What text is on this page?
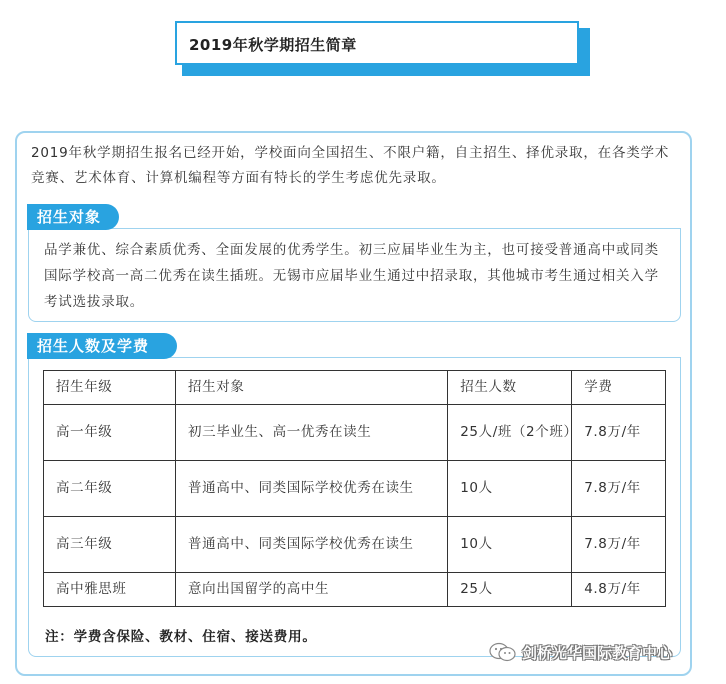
2019年秋学期招生简章
2019年秋学期招生报名已经开始，学校面向全国招生、不限户籍，自主招生、择优录取，在各类学术竞赛、艺术体育、计算机编程等方面有特长的学生考虑优先录取。
招生对象
品学兼优、综合素质优秀、全面发展的优秀学生。初三应届毕业生为主，也可接受普通高中或同类国际学校高一高二优秀在读生插班。无锡市应届毕业生通过中招录取，其他城市考生通过相关入学考试选拔录取。
招生人数及学费
招生年级	招生对象	招生人数	学费
高一年级	初三毕业生、高一优秀在读生	25人/班（2个班）	7.8万/年
高二年级	普通高中、同类国际学校优秀在读生	10人	7.8万/年
高三年级	普通高中、同类国际学校优秀在读生	10人	7.8万/年
高中雅思班	意向出国留学的高中生	25人	4.8万/年
注：学费含保险、教材、住宿、接送费用。
剑桥光华国际教育中心
